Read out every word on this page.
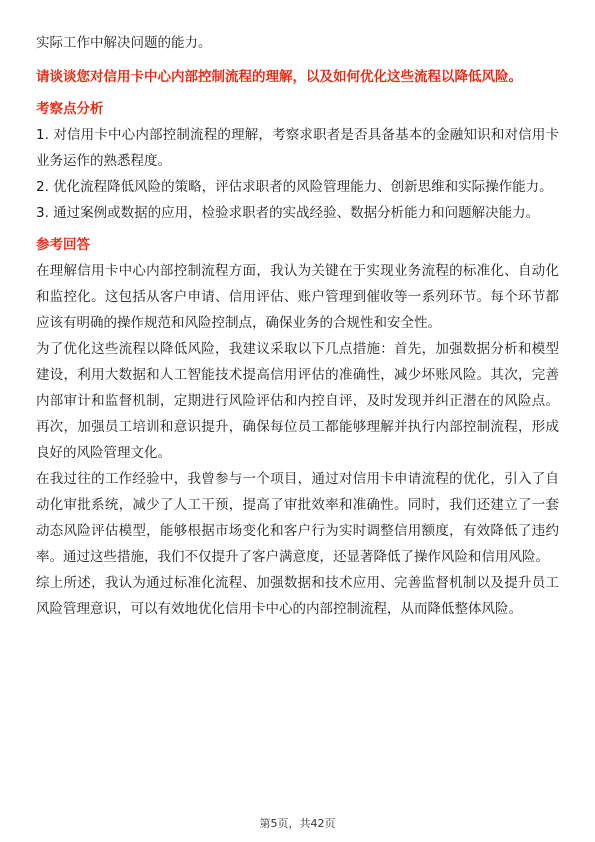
实际工作中解决问题的能力。

请谈谈您对信用卡中心内部控制流程的理解，以及如何优化这些流程以降低风险。

考察点分析

1. 对信用卡中心内部控制流程的理解，考察求职者是否具备基本的金融知识和对信用卡业务运作的熟悉程度。

2. 优化流程降低风险的策略，评估求职者的风险管理能力、创新思维和实际操作能力。

3. 通过案例或数据的应用，检验求职者的实战经验、数据分析能力和问题解决能力。

参考回答

在理解信用卡中心内部控制流程方面，我认为关键在于实现业务流程的标准化、自动化和监控化。这包括从客户申请、信用评估、账户管理到催收等一系列环节。每个环节都应该有明确的操作规范和风险控制点，确保业务的合规性和安全性。

为了优化这些流程以降低风险，我建议采取以下几点措施：首先，加强数据分析和模型建设，利用大数据和人工智能技术提高信用评估的准确性，减少坏账风险。其次，完善内部审计和监督机制，定期进行风险评估和内控自评，及时发现并纠正潜在的风险点。再次，加强员工培训和意识提升，确保每位员工都能够理解并执行内部控制流程，形成良好的风险管理文化。

在我过往的工作经验中，我曾参与一个项目，通过对信用卡申请流程的优化，引入了自动化审批系统，减少了人工干预，提高了审批效率和准确性。同时，我们还建立了一套动态风险评估模型，能够根据市场变化和客户行为实时调整信用额度，有效降低了违约率。通过这些措施，我们不仅提升了客户满意度，还显著降低了操作风险和信用风险。

综上所述，我认为通过标准化流程、加强数据和技术应用、完善监督机制以及提升员工风险管理意识，可以有效地优化信用卡中心的内部控制流程，从而降低整体风险。

第5页，共42页
